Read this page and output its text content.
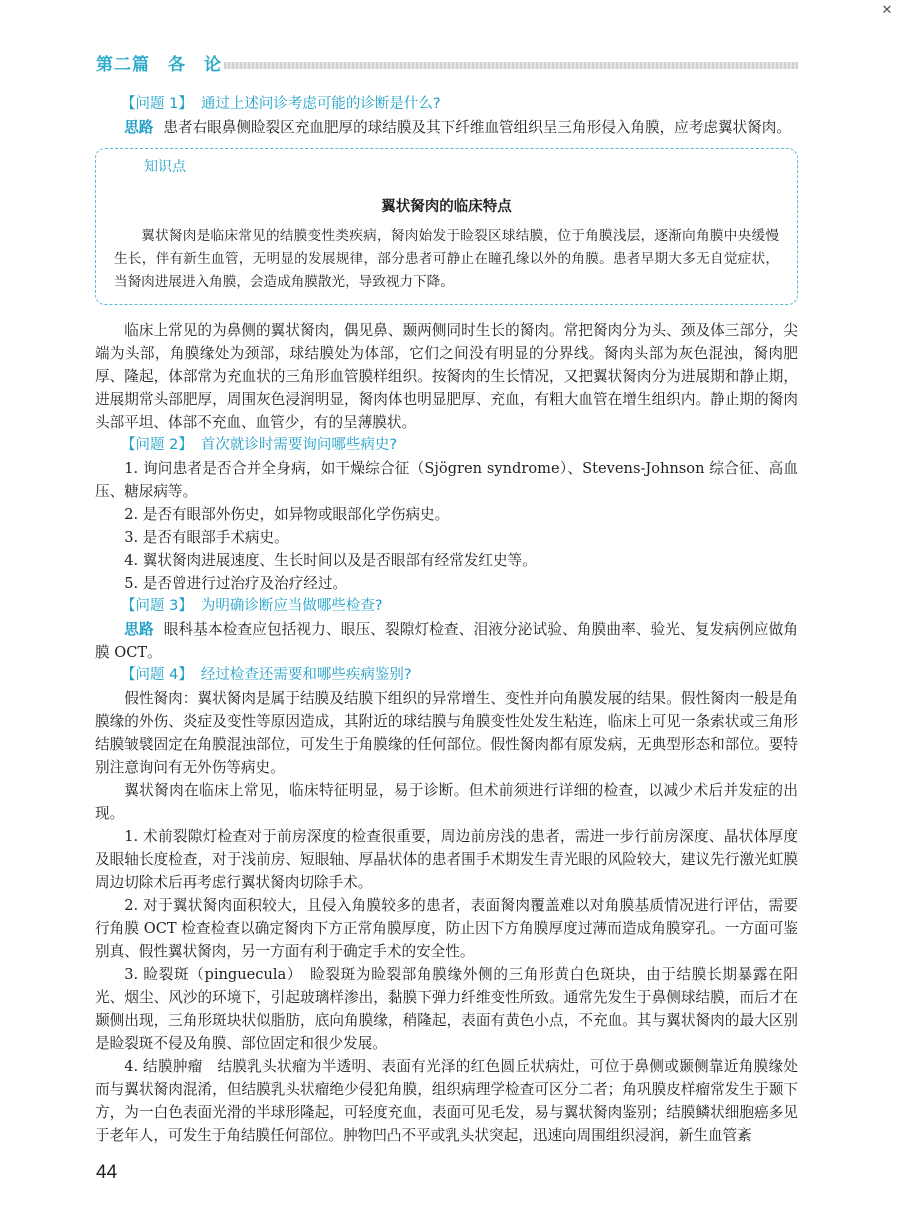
✕
第二篇　各　论
【问题 1】 通过上述问诊考虑可能的诊断是什么?

思路 患者右眼鼻侧睑裂区充血肥厚的球结膜及其下纤维血管组织呈三角形侵入角膜，应考虑翼状胬肉。

知识点
翼状胬肉的临床特点

翼状胬肉是临床常见的结膜变性类疾病，胬肉始发于睑裂区球结膜，位于角膜浅层，逐渐向角膜中央缓慢生长，伴有新生血管，无明显的发展规律，部分患者可静止在瞳孔缘以外的角膜。患者早期大多无自觉症状，当胬肉进展进入角膜，会造成角膜散光，导致视力下降。

临床上常见的为鼻侧的翼状胬肉，偶见鼻、颞两侧同时生长的胬肉。常把胬肉分为头、颈及体三部分，尖端为头部，角膜缘处为颈部，球结膜处为体部，它们之间没有明显的分界线。胬肉头部为灰色混浊，胬肉肥厚、隆起，体部常为充血状的三角形血管膜样组织。按胬肉的生长情况，又把翼状胬肉分为进展期和静止期，进展期常头部肥厚，周围灰色浸润明显，胬肉体也明显肥厚、充血，有粗大血管在增生组织内。静止期的胬肉头部平坦、体部不充血、血管少，有的呈薄膜状。

【问题 2】 首次就诊时需要询问哪些病史?

1. 询问患者是否合并全身病，如干燥综合征（Sjögren syndrome）、Stevens-Johnson 综合征、高血压、糖尿病等。

2. 是否有眼部外伤史，如异物或眼部化学伤病史。

3. 是否有眼部手术病史。

4. 翼状胬肉进展速度、生长时间以及是否眼部有经常发红史等。

5. 是否曾进行过治疗及治疗经过。

【问题 3】 为明确诊断应当做哪些检查?

思路 眼科基本检查应包括视力、眼压、裂隙灯检查、泪液分泌试验、角膜曲率、验光、复发病例应做角膜 OCT。

【问题 4】 经过检查还需要和哪些疾病鉴别?

假性胬肉：翼状胬肉是属于结膜及结膜下组织的异常增生、变性并向角膜发展的结果。假性胬肉一般是角膜缘的外伤、炎症及变性等原因造成，其附近的球结膜与角膜变性处发生粘连，临床上可见一条索状或三角形结膜皱襞固定在角膜混浊部位，可发生于角膜缘的任何部位。假性胬肉都有原发病，无典型形态和部位。要特别注意询问有无外伤等病史。

翼状胬肉在临床上常见，临床特征明显，易于诊断。但术前须进行详细的检查，以减少术后并发症的出现。

1. 术前裂隙灯检查对于前房深度的检查很重要，周边前房浅的患者，需进一步行前房深度、晶状体厚度及眼轴长度检查，对于浅前房、短眼轴、厚晶状体的患者围手术期发生青光眼的风险较大，建议先行激光虹膜周边切除术后再考虑行翼状胬肉切除手术。

2. 对于翼状胬肉面积较大，且侵入角膜较多的患者，表面胬肉覆盖难以对角膜基质情况进行评估，需要行角膜 OCT 检查检查以确定胬肉下方正常角膜厚度，防止因下方角膜厚度过薄而造成角膜穿孔。一方面可鉴别真、假性翼状胬肉，另一方面有利于确定手术的安全性。

3. 睑裂斑（pinguecula）　睑裂斑为睑裂部角膜缘外侧的三角形黄白色斑块，由于结膜长期暴露在阳光、烟尘、风沙的环境下，引起玻璃样渗出，黏膜下弹力纤维变性所致。通常先发生于鼻侧球结膜，而后才在颞侧出现，三角形斑块状似脂肪，底向角膜缘，稍隆起，表面有黄色小点，不充血。其与翼状胬肉的最大区别是睑裂斑不侵及角膜、部位固定和很少发展。

4. 结膜肿瘤　结膜乳头状瘤为半透明、表面有光泽的红色圆丘状病灶，可位于鼻侧或颞侧靠近角膜缘处而与翼状胬肉混淆，但结膜乳头状瘤绝少侵犯角膜，组织病理学检查可区分二者；角巩膜皮样瘤常发生于颞下方，为一白色表面光滑的半球形隆起，可轻度充血，表面可见毛发，易与翼状胬肉鉴别；结膜鳞状细胞癌多见于老年人，可发生于角结膜任何部位。肿物凹凸不平或乳头状突起，迅速向周围组织浸润，新生血管紊

44
